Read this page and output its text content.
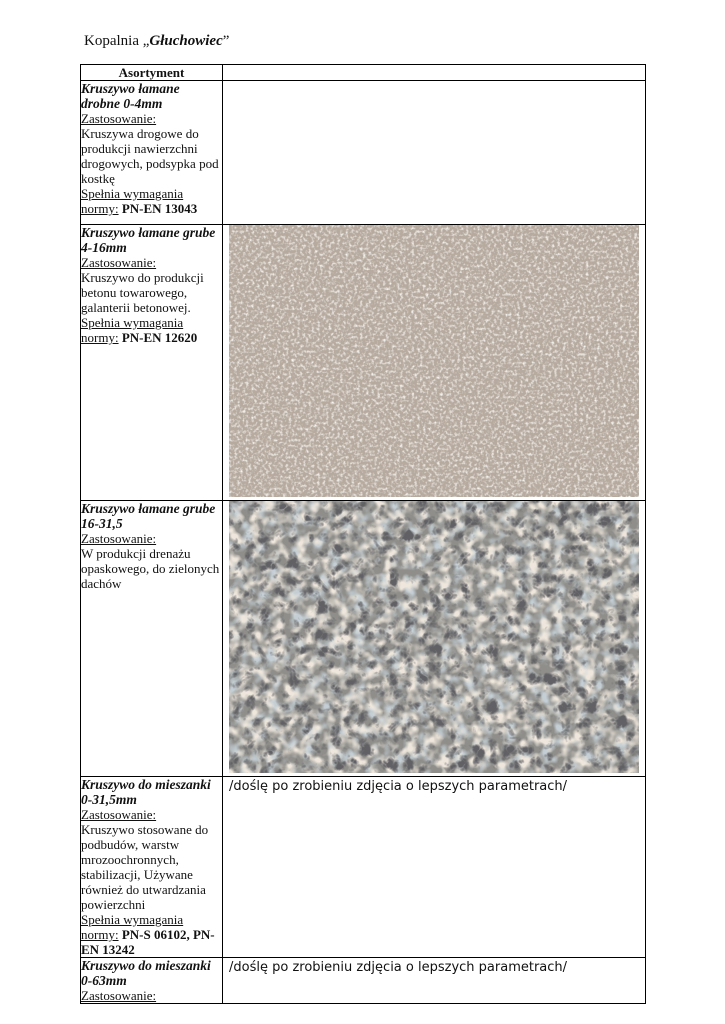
Kopalnia „Głuchowiec”
Asortyment	

Kruszywo łamane drobne 0-4mm
Zastosowanie:
Kruszywa drogowe do produkcji nawierzchni drogowych, podsypka pod kostkę
Spełnia wymagania normy: PN-EN 13043	

Kruszywo łamane grube 4-16mm
Zastosowanie:
Kruszywo do produkcji betonu towarowego, galanterii betonowej.
Spełnia wymagania normy: PN-EN 12620

Kruszywo łamane grube 16-31,5
Zastosowanie:
W produkcji drenażu opaskowego, do zielonych dachów

Kruszywo do mieszanki 0-31,5mm
Zastosowanie:
Kruszywo stosowane do podbudów, warstw mrozoochronnych, stabilizacji, Używane również do utwardzania powierzchni
Spełnia wymagania normy: PN-S 06102, PN-EN 13242	/doślę po zrobieniu zdjęcia o lepszych parametrach/

Kruszywo do mieszanki 0-63mm
Zastosowanie:	/doślę po zrobieniu zdjęcia o lepszych parametrach/
